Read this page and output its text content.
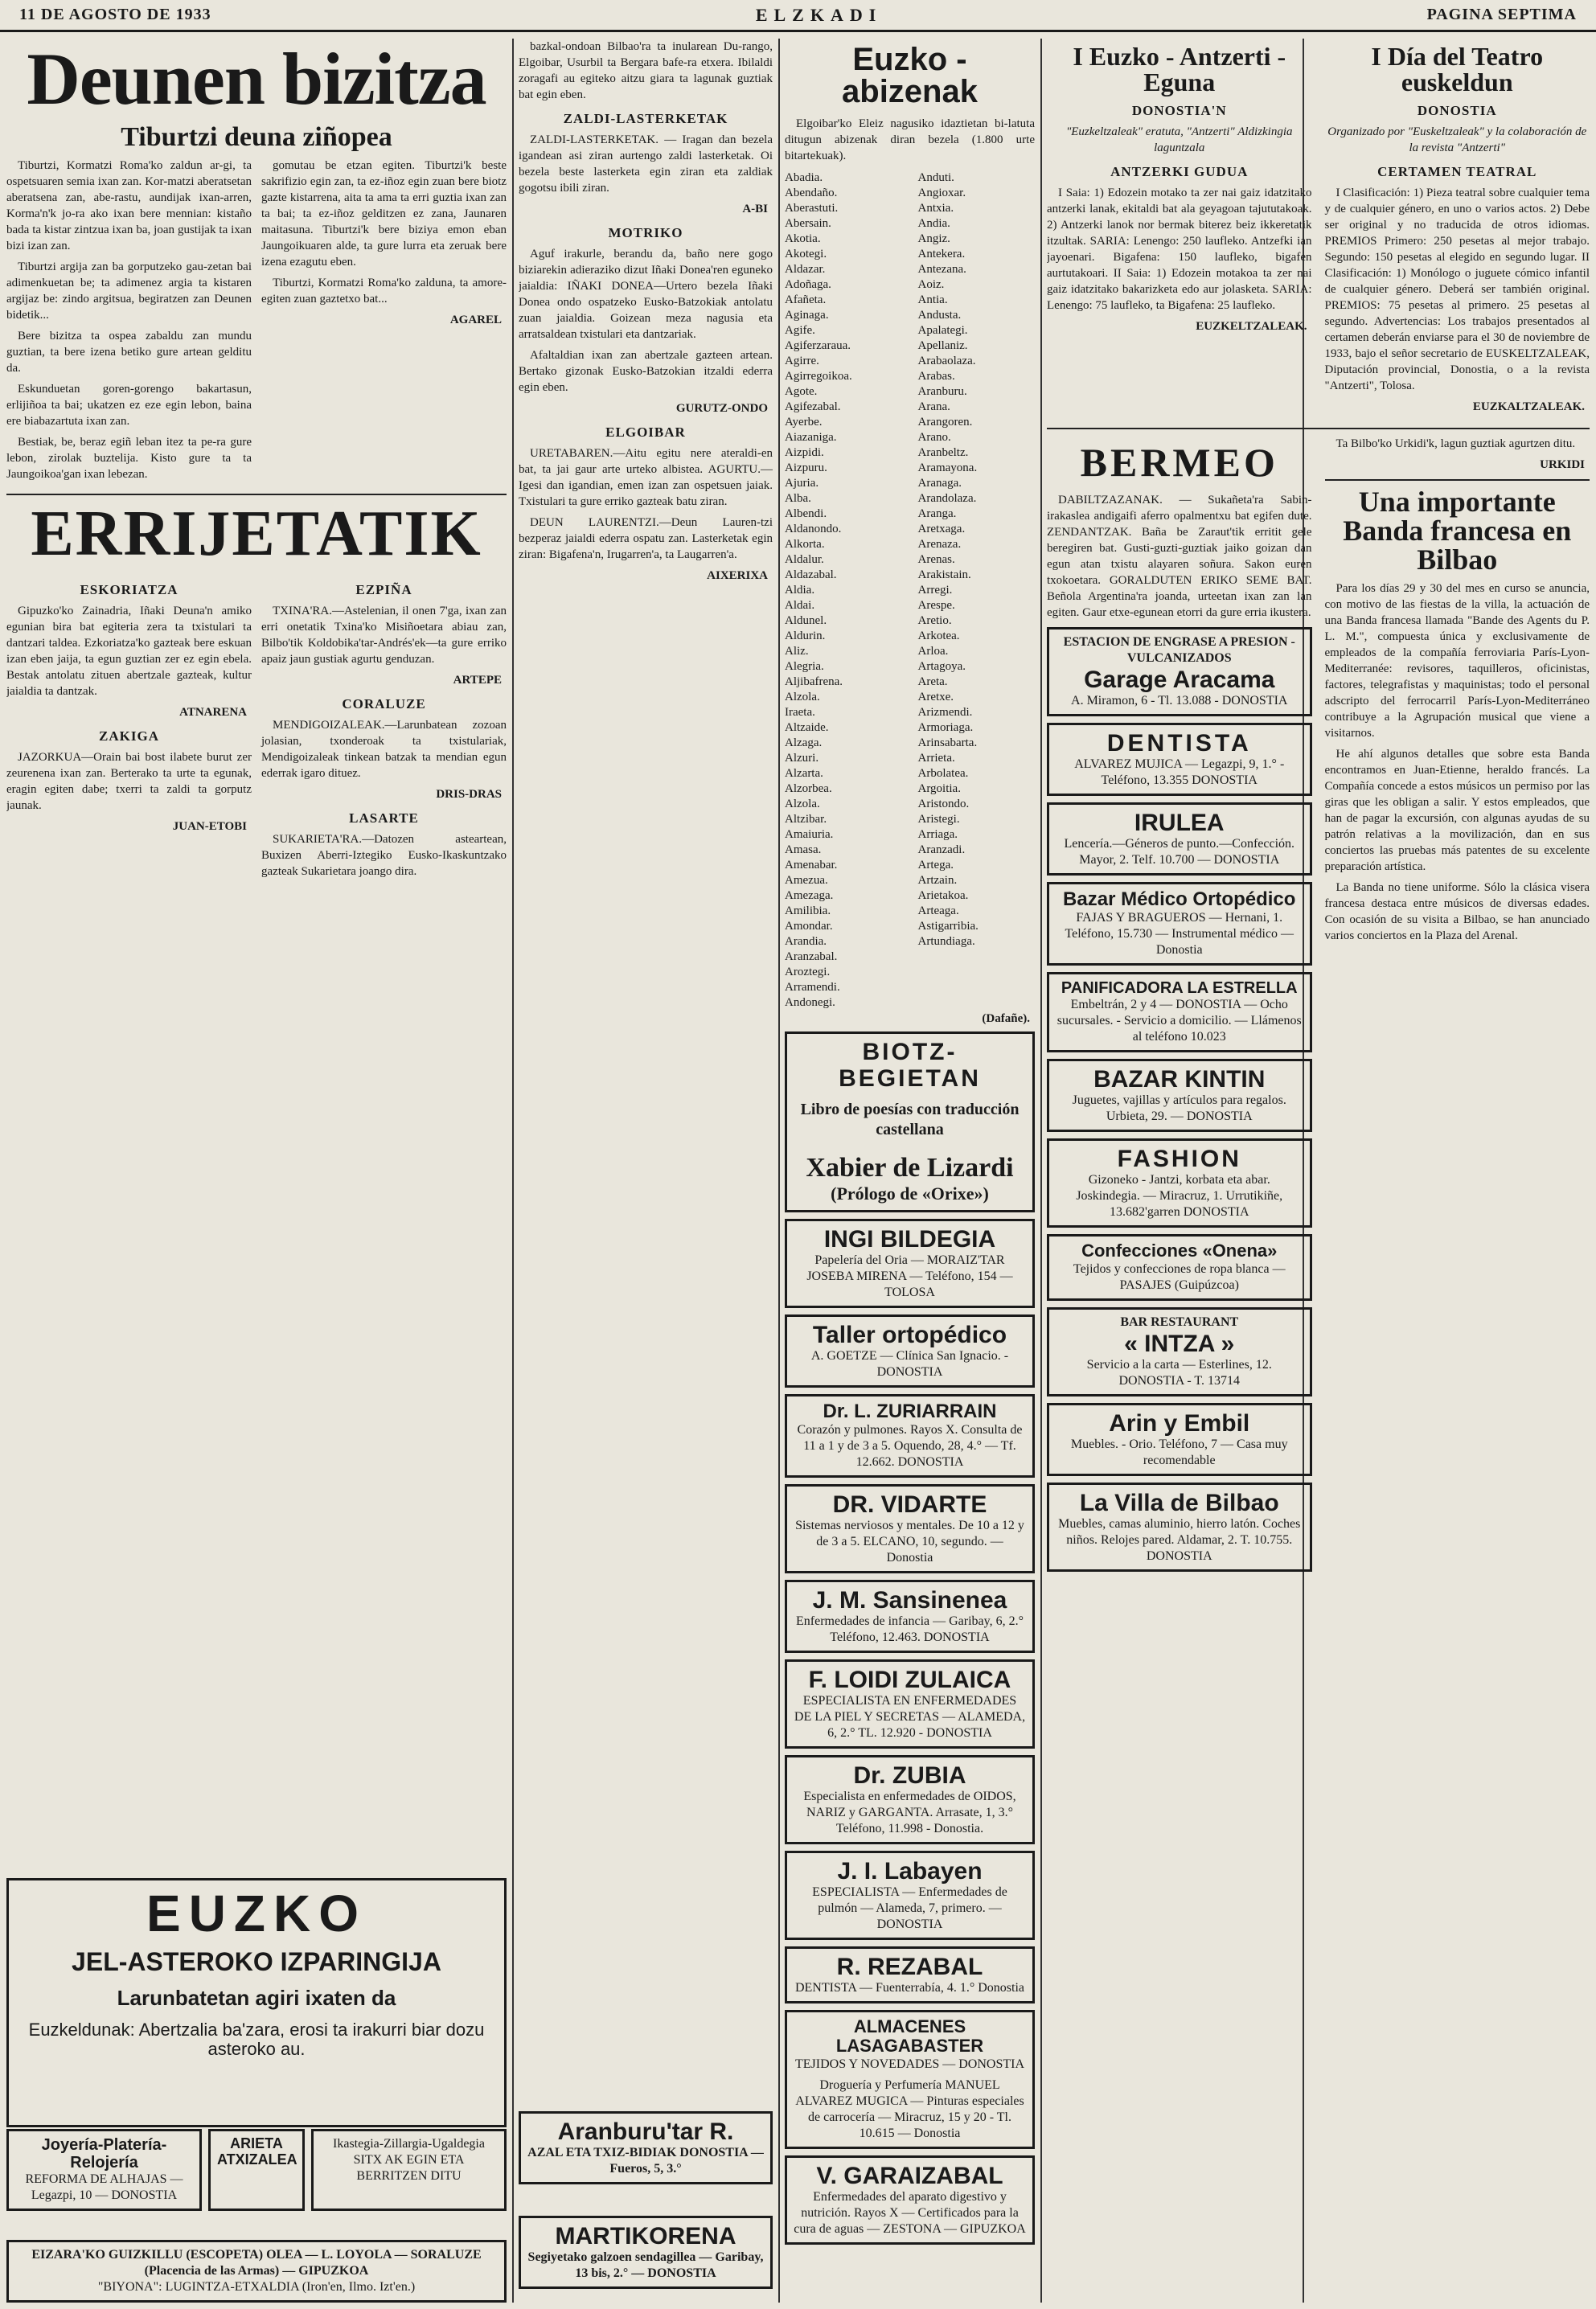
11 DE AGOSTO DE 1933	ELZKADI	PAGINA SEPTIMA
Deunen bizitza
Tiburtzi deuna ziñopea

Tiburtzi, Kormatzi Roma'ko zaldun ar-gi, ta ospetsuaren semia ixan zan. Kor-matzi aberatsetan aberatsena zan, abe-rastu, aundijak ixan-arren, Korma'n'k jo-ra ako ixan bere mennian: kistaño bada ta kistar zintzua ixan ba, joan gustijak ta ixan bizi izan zan.

Tiburtzi argija zan ba gorputzeko gau-zetan bai adimenkuetan be; ta adimenez argia ta kistaren argijaz be: zindo argitsua, begiratzen zan Deunen bidetik...

Bere bizitza ta ospea zabaldu zan mundu guztian, ta bere izena betiko gure artean gelditu da.

Eskunduetan goren-gorengo bakartasun, erlijiñoa ta bai; ukatzen ez eze egin lebon, baina ere biabazartuta ixan zan.

Bestiak, be, beraz egiñ leban itez ta pe-ra gure lebon, zirolak buztelija. Kisto gure ta ta Jaungoikoa'gan ixan lebezan.

gomutau be etzan egiten. Tiburtzi'k beste sakrifizio egin zan, ta ez-iñoz egin zuan bere biotz gazte kistarrena, aita ta ama ta erri guztia ixan zan ta bai; ta ez-iñoz gelditzen ez zana, Jaunaren maitasuna. Tiburtzi'k bere biziya emon eban Jaungoikuaren alde, ta gure lurra eta zeruak bere izena ezagutu eben.

Tiburtzi, Kormatzi Roma'ko zalduna, ta amore-egiten zuan gaztetxo bat...

AGAREL
ERRIJETATIK
ESKORIATZA

Gipuzko'ko Zainadria, Iñaki Deuna'n amiko egunian bira bat egiteria zera ta txistulari ta dantzari taldea. Ezkoriatza'ko gazteak bere eskuan izan eben jaija, ta egun guztian zer ez egin ebela. Bestak antolatu zituen abertzale gazteak, kultur jaialdia ta dantzak.

ATNARENA
ZAKIGA

JAZORKUA—Orain bai bost ilabete burut zer zeurenena ixan zan. Berterako ta urte ta egunak, eragin egiten dabe; txerri ta zaldi ta gorputz jaunak.

JUAN-ETOBI
EZPIÑA

TXINA'RA.—Astelenian, il onen 7'ga, ixan zan erri onetatik Txina'ko Misiñoetara abiau zan, Bilbo'tik Koldobika'tar-Andrés'ek—ta gure erriko apaiz jaun gustiak agurtu genduzan.

ARTEPE
CORALUZE

MENDIGOIZALEAK.—Larunbatean zozoan jolasian, txonderoak ta txistulariak, Mendigoizaleak tinkean batzak ta mendian egun ederrak igaro dituez.

DRIS-DRAS
LASARTE

SUKARIETA'RA.—Datozen asteartean, Buxizen Aberri-Iztegiko Eusko-Ikaskuntzako gazteak Sukarietara joango dira.

EUZKO
JEL-ASTEROKO IZPARINGIJA
Larunbatetan agiri ixaten da
Euzkeldunak: Abertzalia ba'zara, erosi ta irakurri biar dozu asteroko au.
Joyería-Platería-Relojería
REFORMA DE ALHAJAS — Legazpi, 10 — DONOSTIA
ARIETA ATXIZALEA
Ikastegia-Zillargia-Ugaldegia SITX AK EGIN ETA BERRITZEN DITU
EIZARA'KO GUIZKILLU (ESCOPETA) OLEA — L. LOYOLA — SORALUZE (Placencia de las Armas) — GIPUZKOA
"BIYONA": LUGINTZA-ETXALDIA (Iron'en, Ilmo. Izt'en.)

bazkal-ondoan Bilbao'ra ta inularean Du-rango, Elgoibar, Usurbil ta Bergara bafe-ra etxera. Ibilaldi zoragafi au egiteko aitzu giara ta lagunak guztiak bat egin eben.

ZALDI-LASTERKETAK

ZALDI-LASTERKETAK. — Iragan dan bezela igandean asi ziran aurtengo zaldi lasterketak. Oi bezela beste lasterketa egin ziran eta zaldiak gogotsu ibili ziran.

A-BI
MOTRIKO

Aguf irakurle, berandu da, baño nere gogo biziarekin adieraziko dizut Iñaki Donea'ren eguneko jaialdia: IÑAKI DONEA—Urtero bezela Iñaki Donea ondo ospatzeko Eusko-Batzokiak antolatu zuan jaialdia. Goizean meza nagusia eta arratsaldean txistulari eta dantzariak.

Afaltaldian ixan zan abertzale gazteen artean. Bertako gizonak Eusko-Batzokian itzaldi ederra egin eben.

GURUTZ-ONDO
ELGOIBAR

URETABAREN.—Aitu egitu nere ateraldi-en bat, ta jai gaur arte urteko albistea. AGURTU.—Igesi dan igandian, emen izan zan ospetsuen jaiak. Txistulari ta gure erriko gazteak batu ziran.

DEUN LAURENTZI.—Deun Lauren-tzi bezperaz jaialdi ederra ospatu zan. Lasterketak egin ziran: Bigafena'n, Irugarren'a, ta Laugarren'a.

AIXERIXA
Aranburu'tar R.
AZAL ETA TXIZ-BIDIAK DONOSTIA — Fueros, 5, 3.°
MARTIKORENA
Segiyetako galzoen sendagillea — Garibay, 13 bis, 2.° — DONOSTIA
Euzko - abizenak

Elgoibar'ko Eleiz nagusiko idaztietan bi-latuta ditugun abizenak diran bezela (1.800 urte bitartekuak).

Abadia.
Abendaño.
Aberastuti.
Abersain.
Akotia.
Akotegi.
Aldazar.
Adoñaga.
Afañeta.
Aginaga.
Agife.
Agiferzaraua.
Agirre.
Agirregoikoa.
Agote.
Agifezabal.
Ayerbe.
Aiazaniga.
Aizpidi.
Aizpuru.
Ajuria.
Alba.
Albendi.
Aldanondo.
Alkorta.
Aldalur.
Aldazabal.
Aldia.
Aldai.
Aldunel.
Aldurin.
Aliz.
Alegria.
Aljibafrena.
Alzola.
Iraeta.
Altzaide.
Alzaga.
Alzuri.
Alzarta.
Alzorbea.
Alzola.
Altzibar.
Amaiuria.
Amasa.
Amenabar.
Amezua.
Amezaga.
Amilibia.
Amondar.
Arandia.
Aranzabal.
Aroztegi.
Arramendi.
Andonegi.
Anduti.
Angioxar.
Antxia.
Andia.
Angiz.
Antekera.
Antezana.
Aoiz.
Antia.
Andusta.
Apalategi.
Apellaniz.
Arabaolaza.
Arabas.
Aranburu.
Arana.
Arangoren.
Arano.
Aranbeltz.
Aramayona.
Aranaga.
Arandolaza.
Aranga.
Aretxaga.
Arenaza.
Arenas.
Arakistain.
Arregi.
Arespe.
Aretio.
Arkotea.
Arloa.
Artagoya.
Areta.
Aretxe.
Arizmendi.
Armoriaga.
Arinsabarta.
Arrieta.
Arbolatea.
Argoitia.
Aristondo.
Aristegi.
Arriaga.
Aranzadi.
Artega.
Artzain.
Arietakoa.
Arteaga.
Astigarribia.
Artundiaga.
(Dafañe).
BIOTZ-BEGIETAN
Libro de poesías con traducción castellana
Xabier de Lizardi
(Prólogo de «Orixe»)
INGI BILDEGIA
Papelería del Oria — MORAIZ'TAR JOSEBA MIRENA — Teléfono, 154 — TOLOSA
Taller ortopédico
A. GOETZE — Clínica San Ignacio. - DONOSTIA
Dr. L. ZURIARRAIN
Corazón y pulmones. Rayos X. Consulta de 11 a 1 y de 3 a 5. Oquendo, 28, 4.° — Tf. 12.662. DONOSTIA
DR. VIDARTE
Sistemas nerviosos y mentales. De 10 a 12 y de 3 a 5. ELCANO, 10, segundo. — Donostia
J. M. Sansinenea
Enfermedades de infancia — Garibay, 6, 2.° Teléfono, 12.463. DONOSTIA
F. LOIDI ZULAICA
ESPECIALISTA EN ENFERMEDADES DE LA PIEL Y SECRETAS — ALAMEDA, 6, 2.° TL. 12.920 - DONOSTIA
Dr. ZUBIA
Especialista en enfermedades de OIDOS, NARIZ y GARGANTA. Arrasate, 1, 3.° Teléfono, 11.998 - Donostia.
J. I. Labayen
ESPECIALISTA — Enfermedades de pulmón — Alameda, 7, primero. — DONOSTIA
R. REZABAL
DENTISTA — Fuenterrabía, 4. 1.° Donostia
ALMACENES LASAGABASTER
TEJIDOS Y NOVEDADES — DONOSTIA
Droguería y Perfumería MANUEL ALVAREZ MUGICA — Pinturas especiales de carrocería — Miracruz, 15 y 20 - Tl. 10.615 — Donostia
V. GARAIZABAL
Enfermedades del aparato digestivo y nutrición. Rayos X — Certificados para la cura de aguas — ZESTONA — GIPUZKOA
I Euzko - Antzerti -Eguna
DONOSTIA'N

"Euzkeltzaleak" eratuta, "Antzerti" Aldizkingia laguntzala

ANTZERKI GUDUA

I Saia: 1) Edozein motako ta zer nai gaiz idatzitako antzerki lanak, ekitaldi bat ala geyagoan tajututakoak. 2) Antzerki lanok nor bermak biterez beiz ikkeretatik itzultak. SARIA: Lenengo: 250 laufleko. Antzefki ian jayoenari. Bigafena: 150 laufleko, bigafen aurtutakoari. II Saia: 1) Edozein motakoa ta zer nai gaiz idatzitako bakarizketa edo aur jolasketa. SARIA: Lenengo: 75 laufleko, ta Bigafena: 25 laufleko.

EUZKELTZALEAK.
I Día del Teatro euskeldun
DONOSTIA

Organizado por "Euskeltzaleak" y la colaboración de la revista "Antzerti"

CERTAMEN TEATRAL

I Clasificación: 1) Pieza teatral sobre cualquier tema y de cualquier género, en uno o varios actos. 2) Debe ser original y no traducida de otros idiomas. PREMIOS Primero: 250 pesetas al mejor trabajo. Segundo: 150 pesetas al elegido en segundo lugar. II Clasificación: 1) Monólogo o juguete cómico infantil de cualquier género. Deberá ser también original. PREMIOS: 75 pesetas al primero. 25 pesetas al segundo. Advertencias: Los trabajos presentados al certamen deberán enviarse para el 30 de noviembre de 1933, bajo el señor secretario de EUSKELTZALEAK, Diputación provincial, Donostia, o a la revista "Antzerti", Tolosa.

EUZKALTZALEAK.
BERMEO

DABILTZAZANAK. — Sukañeta'ra Sabin-irakaslea andigaifi aferro opalmentxu bat egifen dute. ZENDANTZAK. Baña be Zaraut'tik erritit gele beregiren bat. Gusti-guzti-guztiak jaiko goizan dan egun atan txistu alayaren soñura. Sakon euren txokoetara. GORALDUTEN ERIKO SEME BAT. Beñola Argentina'ra joanda, urteetan ixan zan lan egiten. Gaur etxe-egunean etorri da gure erria ikustera.

ESTACION DE ENGRASE A PRESION - VULCANIZADOS
Garage Aracama
A. Miramon, 6 - Tl. 13.088 - DONOSTIA
DENTISTA
ALVAREZ MUJICA — Legazpi, 9, 1.° - Teléfono, 13.355 DONOSTIA
IRULEA
Lencería.—Géneros de punto.—Confección. Mayor, 2. Telf. 10.700 — DONOSTIA
Bazar Médico Ortopédico
FAJAS Y BRAGUEROS — Hernani, 1. Teléfono, 15.730 — Instrumental médico — Donostia
PANIFICADORA LA ESTRELLA
Embeltrán, 2 y 4 — DONOSTIA — Ocho sucursales. - Servicio a domicilio. — Llámenos al teléfono 10.023
BAZAR KINTIN
Juguetes, vajillas y artículos para regalos. Urbieta, 29. — DONOSTIA
FASHION
Gizoneko - Jantzi, korbata eta abar. Joskindegia. — Miracruz, 1. Urrutikiñe, 13.682'garren DONOSTIA
Confecciones «Onena»
Tejidos y confecciones de ropa blanca — PASAJES (Guipúzcoa)
BAR RESTAURANT
« INTZA »
Servicio a la carta — Esterlines, 12. DONOSTIA - T. 13714
Arin y Embil
Muebles. - Orio. Teléfono, 7 — Casa muy recomendable
La Villa de Bilbao
Muebles, camas aluminio, hierro latón. Coches niños. Relojes pared. Aldamar, 2. T. 10.755. DONOSTIA

Ta Bilbo'ko Urkidi'k, lagun guztiak agurtzen ditu.

URKIDI
Una importante Banda francesa en Bilbao

Para los días 29 y 30 del mes en curso se anuncia, con motivo de las fiestas de la villa, la actuación de una Banda francesa llamada "Bande des Agents du P. L. M.", compuesta única y exclusivamente de empleados de la compañía ferroviaria París-Lyon-Mediterranée: revisores, taquilleros, oficinistas, factores, telegrafistas y maquinistas; todo el personal adscripto del ferrocarril París-Lyon-Mediterráneo contribuye a la Agrupación musical que viene a visitarnos.

He ahí algunos detalles que sobre esta Banda encontramos en Juan-Etienne, heraldo francés. La Compañía concede a estos músicos un permiso por las giras que les obligan a salir. Y estos empleados, que han de pagar la excursión, con algunas ayudas de su patrón relativas a la movilización, dan en sus conciertos las pruebas más patentes de su excelente preparación artística.

La Banda no tiene uniforme. Sólo la clásica visera francesa destaca entre músicos de diversas edades. Con ocasión de su visita a Bilbao, se han anunciado varios conciertos en la Plaza del Arenal.
